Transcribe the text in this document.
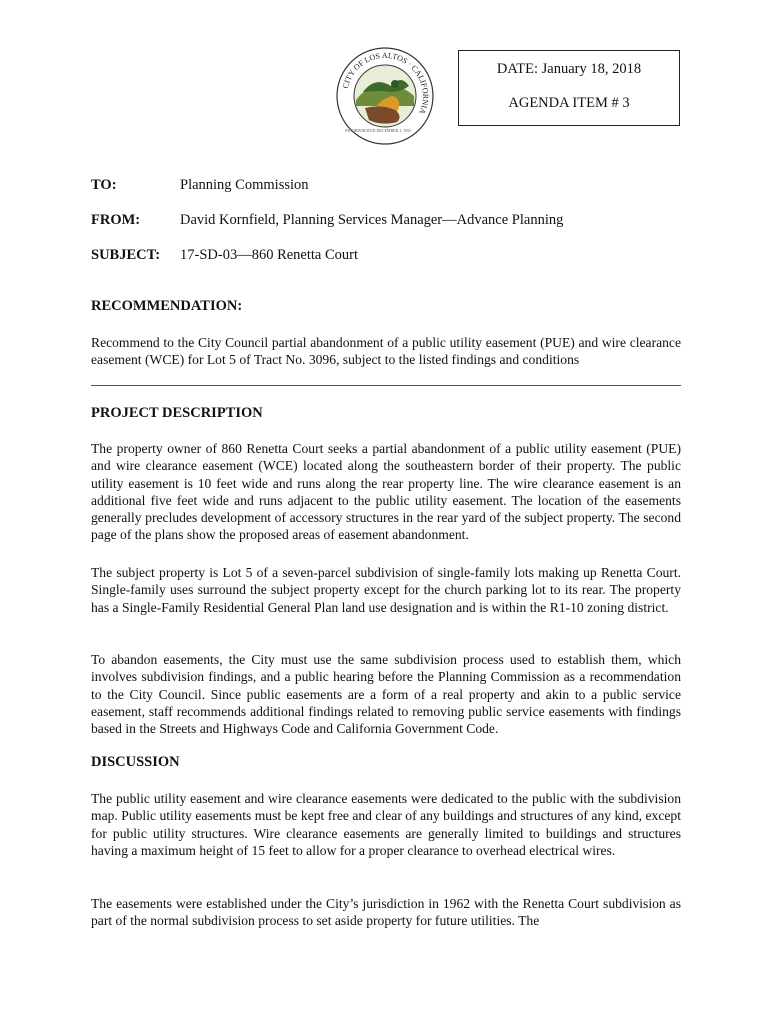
CITY OF LOS ALTOS · CALIFORNIA
INCORPORATED DECEMBER 1, 1952
DATE: January 18, 2018
AGENDA ITEM # 3
TO:	Planning Commission
FROM:	David Kornfield, Planning Services Manager—Advance Planning
SUBJECT: 17-SD-03—860 Renetta Court
RECOMMENDATION:
Recommend to the City Council partial abandonment of a public utility easement (PUE) and wire clearance easement (WCE) for Lot 5 of Tract No. 3096, subject to the listed findings and conditions
PROJECT DESCRIPTION
The property owner of 860 Renetta Court seeks a partial abandonment of a public utility easement (PUE) and wire clearance easement (WCE) located along the southeastern border of their property. The public utility easement is 10 feet wide and runs along the rear property line. The wire clearance easement is an additional five feet wide and runs adjacent to the public utility easement. The location of the easements generally precludes development of accessory structures in the rear yard of the subject property. The second page of the plans show the proposed areas of easement abandonment.
The subject property is Lot 5 of a seven-parcel subdivision of single-family lots making up Renetta Court. Single-family uses surround the subject property except for the church parking lot to its rear. The property has a Single-Family Residential General Plan land use designation and is within the R1-10 zoning district.
To abandon easements, the City must use the same subdivision process used to establish them, which involves subdivision findings, and a public hearing before the Planning Commission as a recommendation to the City Council. Since public easements are a form of a real property and akin to a public service easement, staff recommends additional findings related to removing public service easements with findings based in the Streets and Highways Code and California Government Code.
DISCUSSION
The public utility easement and wire clearance easements were dedicated to the public with the subdivision map. Public utility easements must be kept free and clear of any buildings and structures of any kind, except for public utility structures. Wire clearance easements are generally limited to buildings and structures having a maximum height of 15 feet to allow for a proper clearance to overhead electrical wires.
The easements were established under the City’s jurisdiction in 1962 with the Renetta Court subdivision as part of the normal subdivision process to set aside property for future utilities. The
